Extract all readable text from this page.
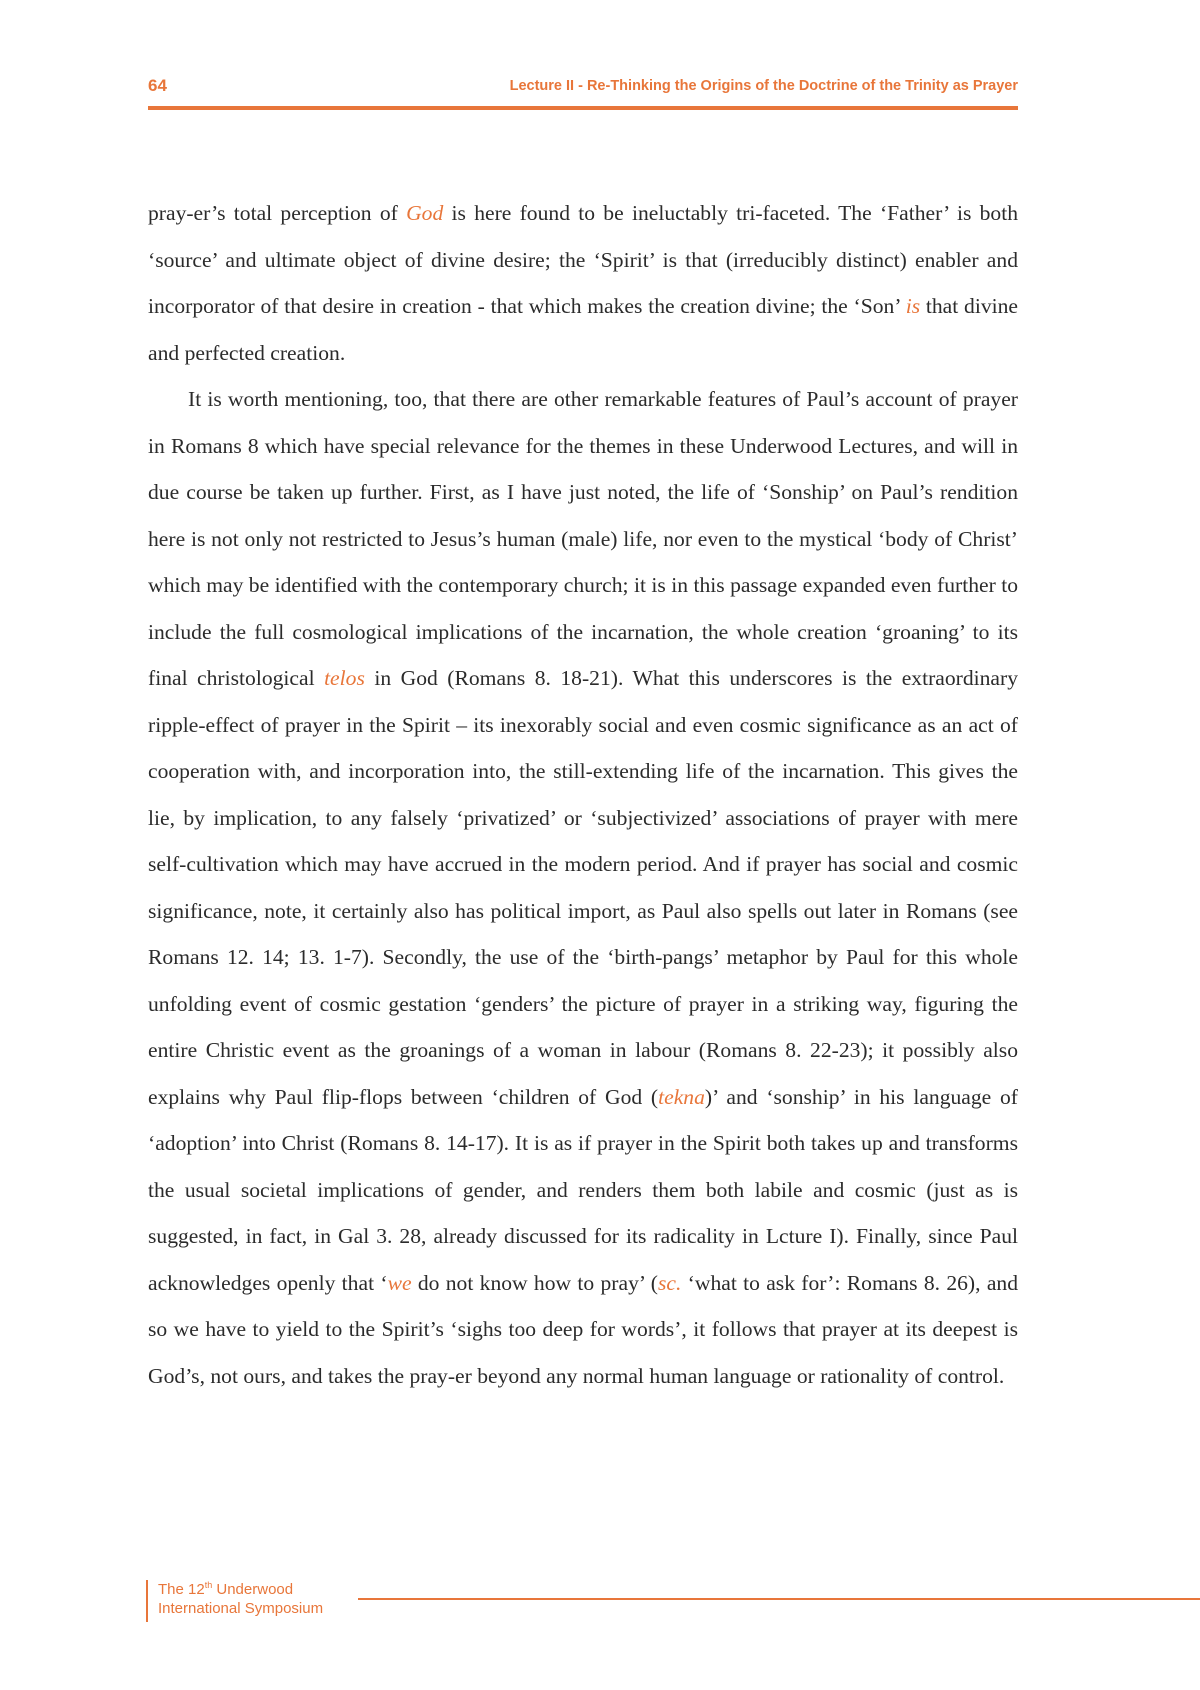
64	Lecture II - Re-Thinking the Origins of the Doctrine of the Trinity as Prayer

pray-er’s total perception of God is here found to be ineluctably tri-faceted. The ‘Father’ is both ‘source’ and ultimate object of divine desire; the ‘Spirit’ is that (irreducibly distinct) enabler and incorporator of that desire in creation - that which makes the creation divine; the ‘Son’ is that divine and perfected creation.

It is worth mentioning, too, that there are other remarkable features of Paul’s account of prayer in Romans 8 which have special relevance for the themes in these Underwood Lectures, and will in due course be taken up further. First, as I have just noted, the life of ‘Sonship’ on Paul’s rendition here is not only not restricted to Jesus’s human (male) life, nor even to the mystical ‘body of Christ’ which may be identified with the contemporary church; it is in this passage expanded even further to include the full cosmological implications of the incarnation, the whole creation ‘groaning’ to its final christological telos in God (Romans 8. 18-21). What this underscores is the extraordinary ripple-effect of prayer in the Spirit – its inexorably social and even cosmic significance as an act of cooperation with, and incorporation into, the still-extending life of the incarnation. This gives the lie, by implication, to any falsely ‘privatized’ or ‘subjectivized’ associations of prayer with mere self-cultivation which may have accrued in the modern period. And if prayer has social and cosmic significance, note, it certainly also has political import, as Paul also spells out later in Romans (see Romans 12. 14; 13. 1-7). Secondly, the use of the ‘birth-pangs’ metaphor by Paul for this whole unfolding event of cosmic gestation ‘genders’ the picture of prayer in a striking way, figuring the entire Christic event as the groanings of a woman in labour (Romans 8. 22-23); it possibly also explains why Paul flip-flops between ‘children of God (tekna)’ and ‘sonship’ in his language of ‘adoption’ into Christ (Romans 8. 14-17). It is as if prayer in the Spirit both takes up and transforms the usual societal implications of gender, and renders them both labile and cosmic (just as is suggested, in fact, in Gal 3. 28, already discussed for its radicality in Lcture I). Finally, since Paul acknowledges openly that ‘we do not know how to pray’ (sc. ‘what to ask for’: Romans 8. 26), and so we have to yield to the Spirit’s ‘sighs too deep for words’, it follows that prayer at its deepest is God’s, not ours, and takes the pray-er beyond any normal human language or rationality of control.

The 12th Underwood
International Symposium
